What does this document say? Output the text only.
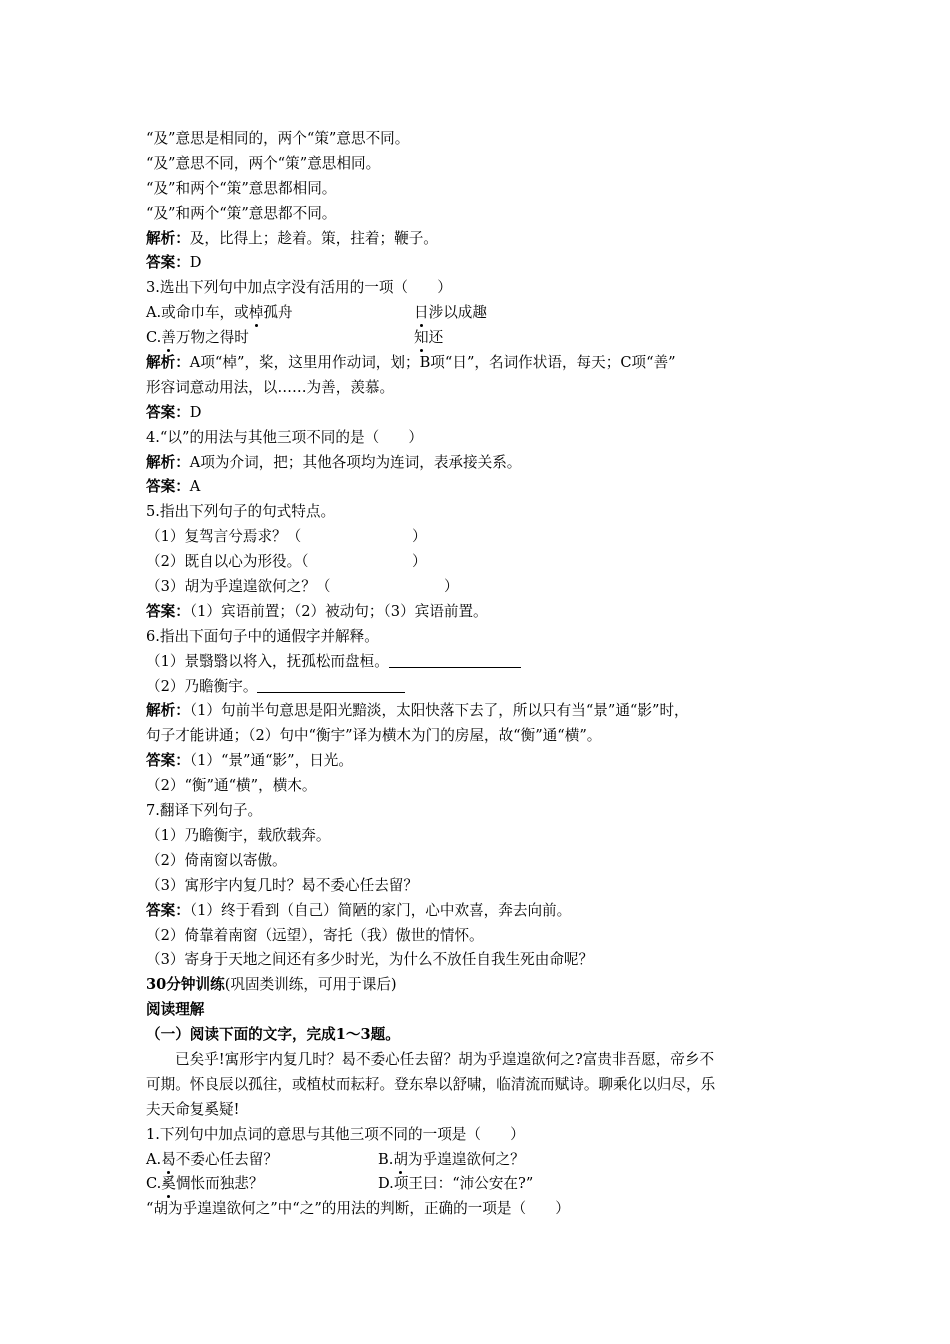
“及”意思是相同的，两个“策”意思不同。
“及”意思不同，两个“策”意思相同。
“及”和两个“策”意思都相同。
“及”和两个“策”意思都不同。
解析：及，比得上；趁着。策，拄着；鞭子。
答案：D
3.选出下列句中加点字没有活用的一项（　　）
A.或命巾车，或棹孤舟	日涉以成趣
C.善万物之得时	知还
解析：A项“棹”，桨，这里用作动词，划；B项“日”，名词作状语，每天；C项“善”
形容词意动用法，以……为善，羡慕。
答案：D
4.“以”的用法与其他三项不同的是（　　）
解析：A项为介词，把；其他各项均为连词，表承接关系。
答案：A
5.指出下列句子的句式特点。
（1）复驾言兮焉求？（	）
（2）既自以心为形役。（	）
（3）胡为乎遑遑欲何之？（	）
答案：（1）宾语前置；（2）被动句；（3）宾语前置。
6.指出下面句子中的通假字并解释。
（1）景翳翳以将入，抚孤松而盘桓。
（2）乃瞻衡宇。
解析：（1）句前半句意思是阳光黯淡，太阳快落下去了，所以只有当“景”通“影”时，
句子才能讲通；（2）句中“衡宇”译为横木为门的房屋，故“衡”通“横”。
答案：（1）“景”通“影”，日光。
（2）“衡”通“横”，横木。
7.翻译下列句子。
（1）乃瞻衡宇，载欣载奔。
（2）倚南窗以寄傲。
（3）寓形宇内复几时？曷不委心任去留？
答案：（1）终于看到（自己）简陋的家门，心中欢喜，奔去向前。
（2）倚靠着南窗（远望），寄托（我）傲世的情怀。
（3）寄身于天地之间还有多少时光，为什么不放任自我生死由命呢？
30分钟训练(巩固类训练，可用于课后)
阅读理解
（一）阅读下面的文字，完成1～3题。
已矣乎!寓形宇内复几时？曷不委心任去留？胡为乎遑遑欲何之?富贵非吾愿，帝乡不
可期。怀良辰以孤往，或植杖而耘耔。登东皋以舒啸，临清流而赋诗。聊乘化以归尽，乐
夫天命复奚疑!
1.下列句中加点词的意思与其他三项不同的一项是（　　）
A.曷不委心任去留？	B.胡为乎遑遑欲何之？
C.奚惆怅而独悲？	D.项王曰：“沛公安在?”
“胡为乎遑遑欲何之”中“之”的用法的判断，正确的一项是（　　）
